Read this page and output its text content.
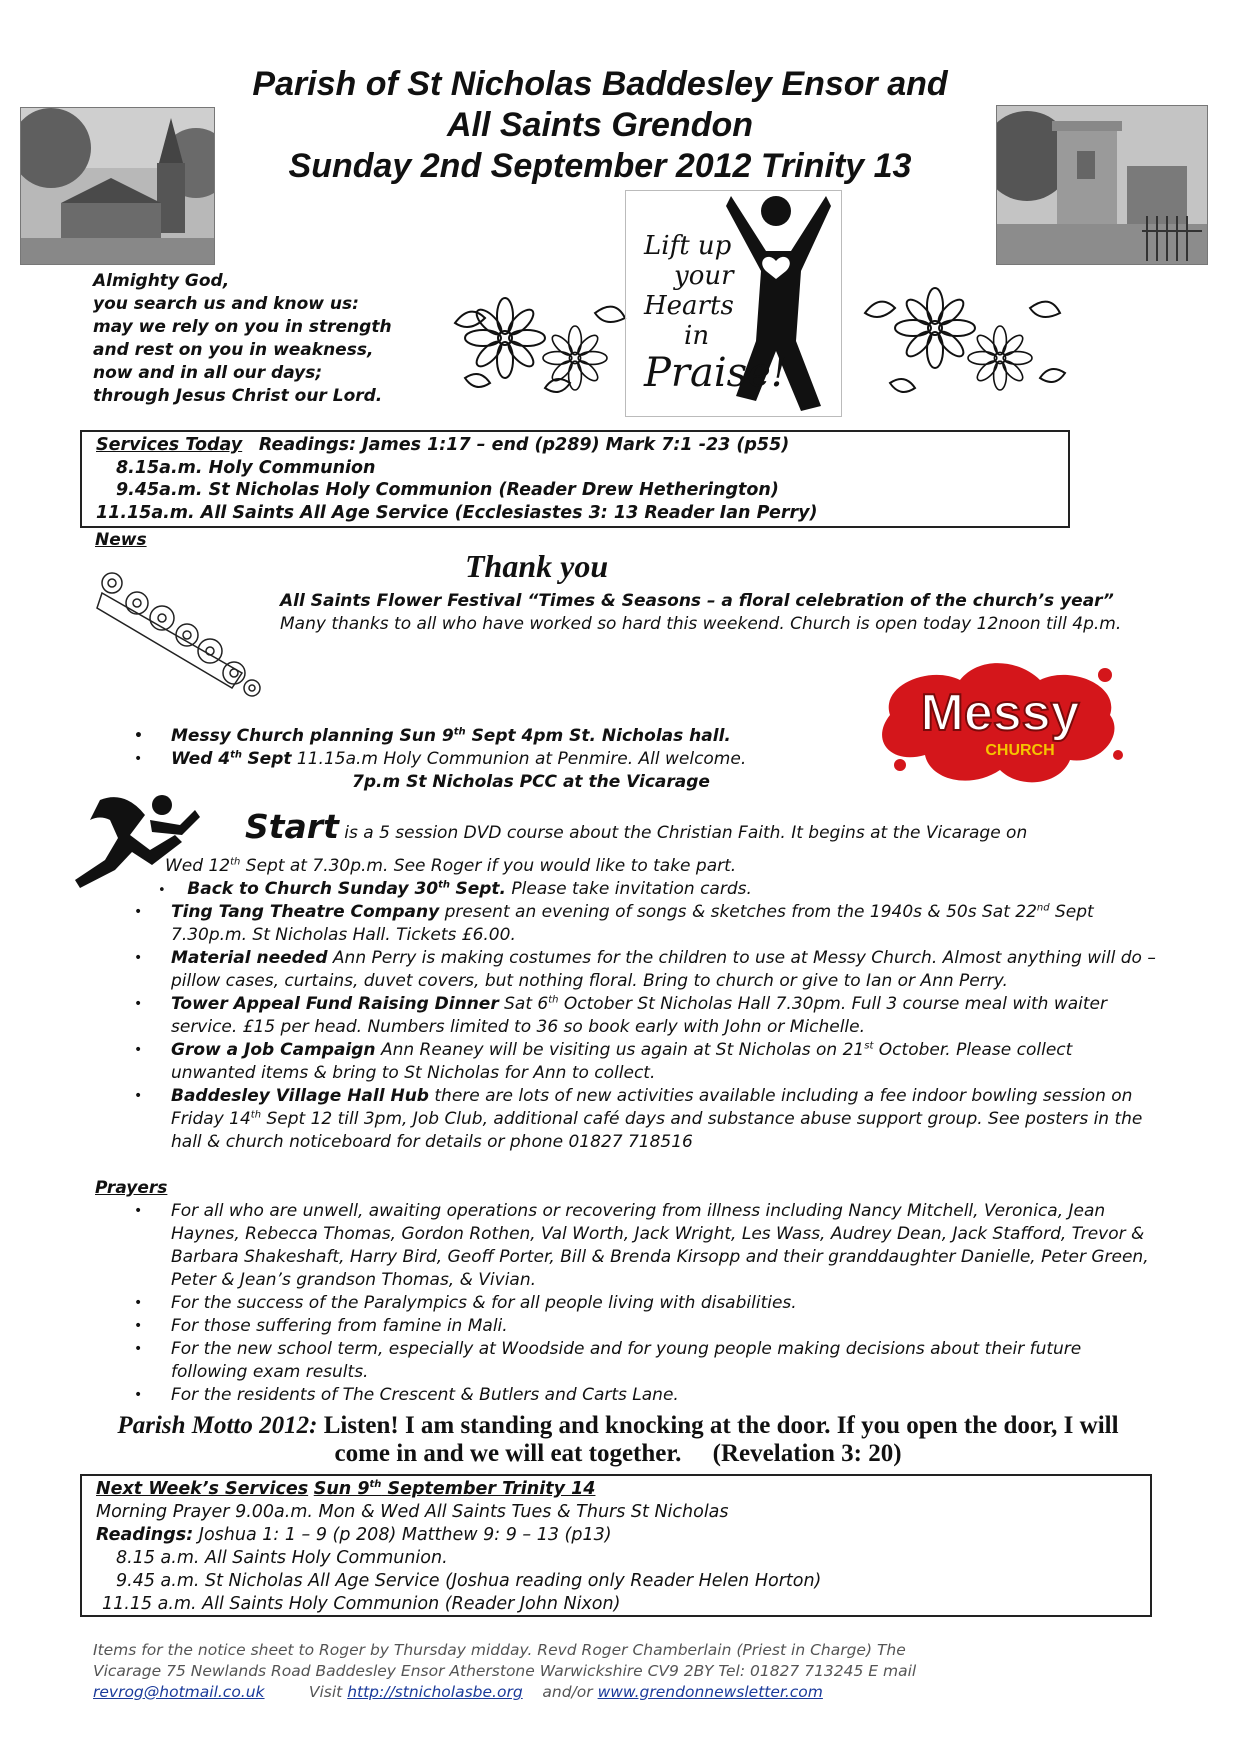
Parish of St Nicholas Baddesley Ensor and
All Saints Grendon
Sunday 2nd September 2012 Trinity 13
Almighty God,
you search us and know us:
may we rely on you in strength
and rest on you in weakness,
now and in all our days;
through Jesus Christ our Lord.
Lift up
your
Hearts
in
Praise!
Services Today Readings: James 1:17 – end (p289) Mark 7:1 -23 (p55)
8.15a.m. Holy Communion
9.45a.m. St Nicholas Holy Communion (Reader Drew Hetherington)
11.15a.m. All Saints All Age Service (Ecclesiastes 3: 13 Reader Ian Perry)
News
Thank you
All Saints Flower Festival “Times & Seasons – a floral celebration of the church’s year” Many thanks to all who have worked so hard this weekend. Church is open today 12noon till 4p.m.
Messy
CHURCH
• Messy Church planning Sun 9th Sept 4pm St. Nicholas hall.
• Wed 4th Sept 11.15a.m Holy Communion at Penmire. All welcome.
7p.m St Nicholas PCC at the Vicarage
Start is a 5 session DVD course about the Christian Faith. It begins at the Vicarage on
Wed 12th Sept at 7.30p.m. See Roger if you would like to take part.
• Back to Church Sunday 30th Sept. Please take invitation cards.
• Ting Tang Theatre Company present an evening of songs & sketches from the 1940s & 50s Sat 22nd Sept 7.30p.m. St Nicholas Hall. Tickets £6.00.
• Material needed Ann Perry is making costumes for the children to use at Messy Church. Almost anything will do – pillow cases, curtains, duvet covers, but nothing floral. Bring to church or give to Ian or Ann Perry.
• Tower Appeal Fund Raising Dinner Sat 6th October St Nicholas Hall 7.30pm. Full 3 course meal with waiter service. £15 per head. Numbers limited to 36 so book early with John or Michelle.
• Grow a Job Campaign Ann Reaney will be visiting us again at St Nicholas on 21st October. Please collect unwanted items & bring to St Nicholas for Ann to collect.
• Baddesley Village Hall Hub there are lots of new activities available including a fee indoor bowling session on Friday 14th Sept 12 till 3pm, Job Club, additional café days and substance abuse support group. See posters in the hall & church noticeboard for details or phone 01827 718516
Prayers
• For all who are unwell, awaiting operations or recovering from illness including Nancy Mitchell, Veronica, Jean Haynes, Rebecca Thomas, Gordon Rothen, Val Worth, Jack Wright, Les Wass, Audrey Dean, Jack Stafford, Trevor & Barbara Shakeshaft, Harry Bird, Geoff Porter, Bill & Brenda Kirsopp and their granddaughter Danielle, Peter Green, Peter & Jean’s grandson Thomas, & Vivian.
• For the success of the Paralympics & for all people living with disabilities.
• For those suffering from famine in Mali.
• For the new school term, especially at Woodside and for young people making decisions about their future following exam results.
• For the residents of The Crescent & Butlers and Carts Lane.
Parish Motto 2012: Listen! I am standing and knocking at the door. If you open the door, I will come in and we will eat together. (Revelation 3: 20)
Next Week’s Services Sun 9th September Trinity 14
Morning Prayer 9.00a.m. Mon & Wed All Saints Tues & Thurs St Nicholas
Readings: Joshua 1: 1 – 9 (p 208) Matthew 9: 9 – 13 (p13)
8.15 a.m. All Saints Holy Communion.
9.45 a.m. St Nicholas All Age Service (Joshua reading only Reader Helen Horton)
11.15 a.m. All Saints Holy Communion (Reader John Nixon)
Items for the notice sheet to Roger by Thursday midday. Revd Roger Chamberlain (Priest in Charge) The
Vicarage 75 Newlands Road Baddesley Ensor Atherstone Warwickshire CV9 2BY Tel: 01827 713245 E mail
revrog@hotmail.co.uk	Visit http://stnicholasbe.org and/or www.grendonnewsletter.com
